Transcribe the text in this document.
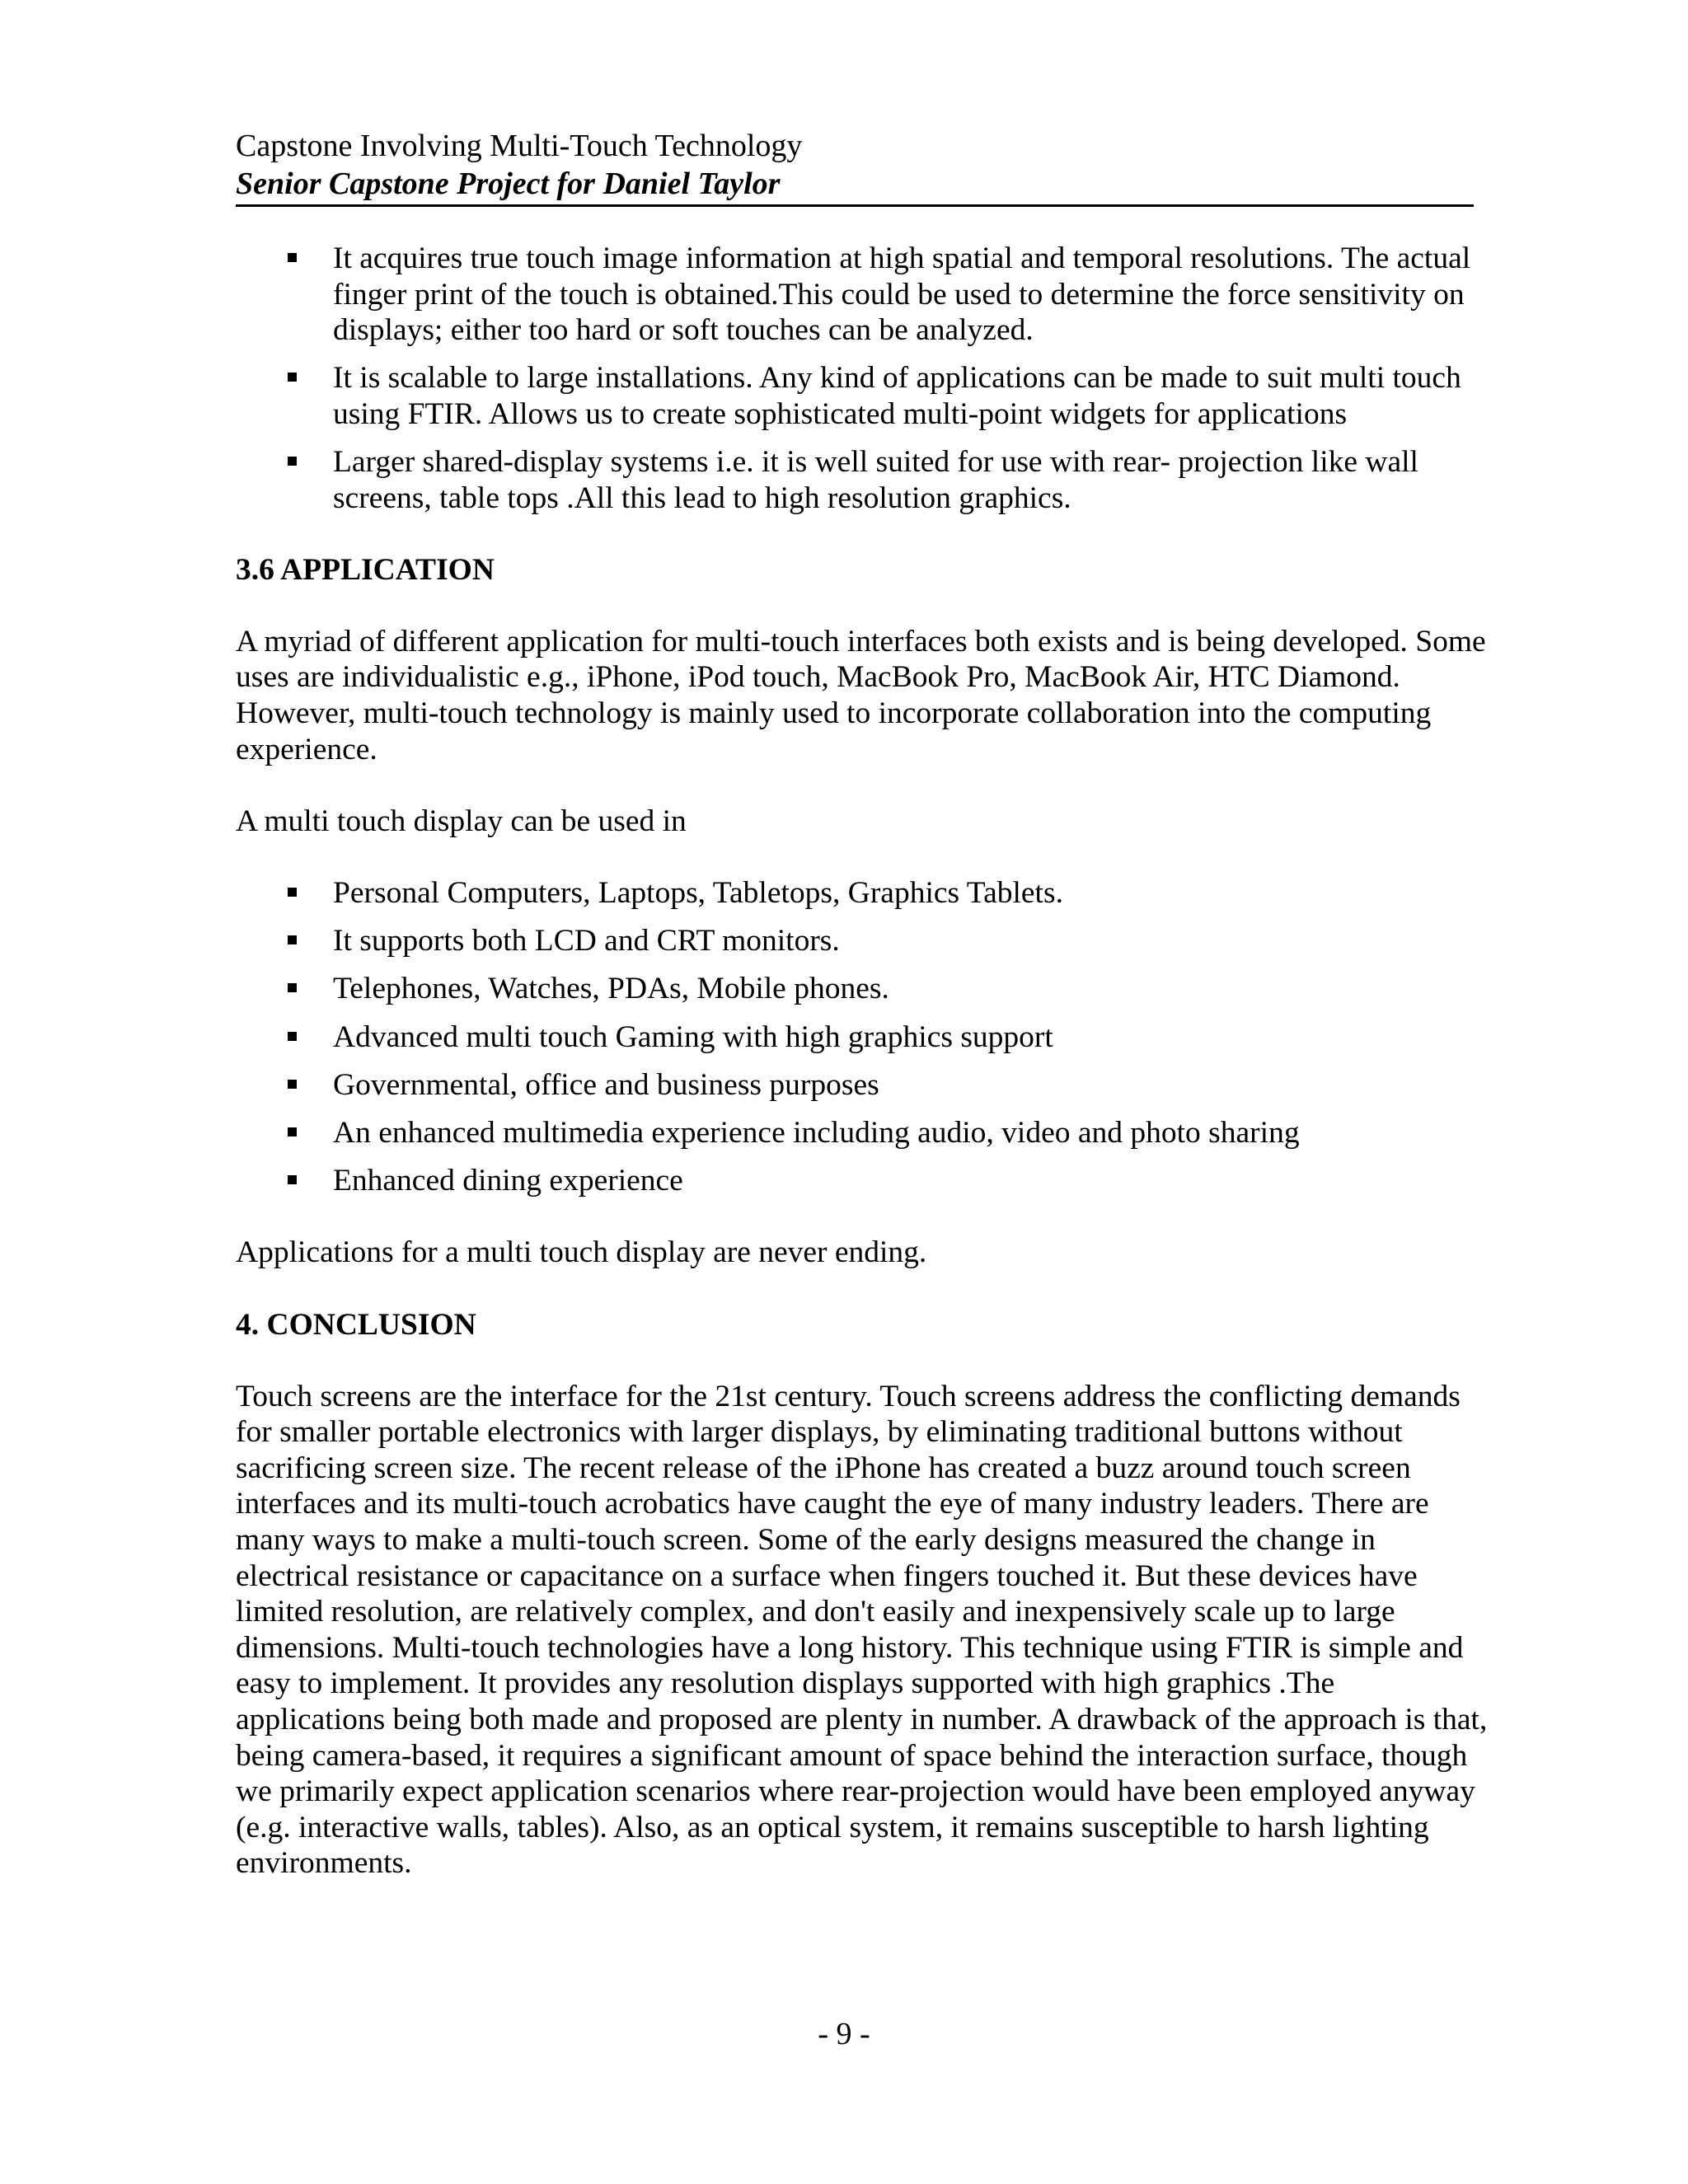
Capstone Involving Multi-Touch Technology
Senior Capstone Project for Daniel Taylor
It acquires true touch image information at high spatial and temporal resolutions. The actual finger print of the touch is obtained.This could be used to determine the force sensitivity on displays; either too hard or soft touches can be analyzed.
It is scalable to large installations. Any kind of applications can be made to suit multi touch using FTIR. Allows us to create sophisticated multi-point widgets for applications
Larger shared-display systems i.e. it is well suited for use with rear- projection like wall screens, table tops .All this lead to high resolution graphics.
3.6 APPLICATION

A myriad of different application for multi-touch interfaces both exists and is being developed. Some uses are individualistic e.g., iPhone, iPod touch, MacBook Pro, MacBook Air, HTC Diamond. However, multi-touch technology is mainly used to incorporate collaboration into the computing experience.

A multi touch display can be used in

Personal Computers, Laptops, Tabletops, Graphics Tablets.
It supports both LCD and CRT monitors.
Telephones, Watches, PDAs, Mobile phones.
Advanced multi touch Gaming with high graphics support
Governmental, office and business purposes
An enhanced multimedia experience including audio, video and photo sharing
Enhanced dining experience

Applications for a multi touch display are never ending.

4. CONCLUSION

Touch screens are the interface for the 21st century. Touch screens address the conflicting demands for smaller portable electronics with larger displays, by eliminating traditional buttons without sacrificing screen size. The recent release of the iPhone has created a buzz around touch screen interfaces and its multi-touch acrobatics have caught the eye of many industry leaders. There are many ways to make a multi-touch screen. Some of the early designs measured the change in electrical resistance or capacitance on a surface when fingers touched it. But these devices have limited resolution, are relatively complex, and don't easily and inexpensively scale up to large dimensions. Multi-touch technologies have a long history. This technique using FTIR is simple and easy to implement. It provides any resolution displays supported with high graphics .The applications being both made and proposed are plenty in number. A drawback of the approach is that, being camera-based, it requires a significant amount of space behind the interaction surface, though we primarily expect application scenarios where rear-projection would have been employed anyway (e.g. interactive walls, tables). Also, as an optical system, it remains susceptible to harsh lighting environments.

- 9 -
